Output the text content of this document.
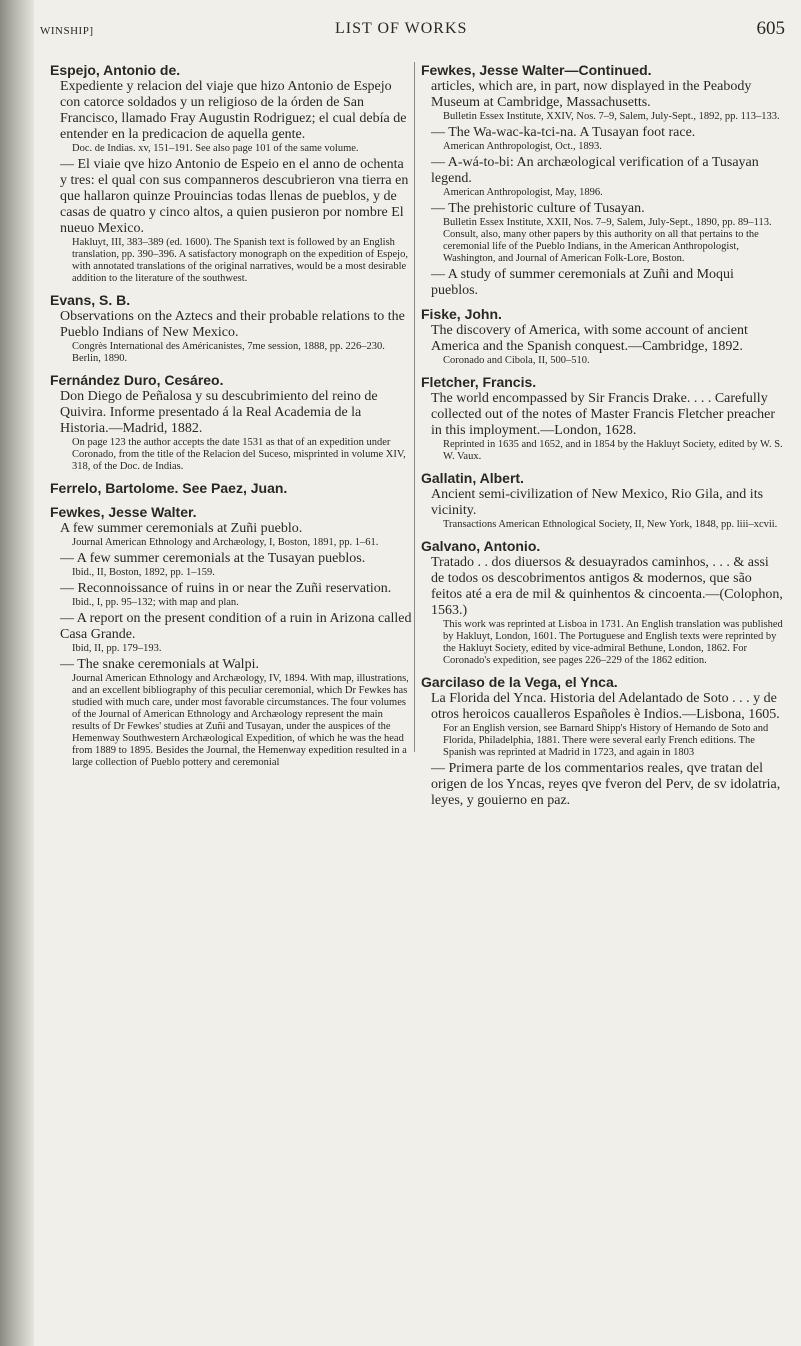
WINSHIP]	LIST OF WORKS	605
Espejo, Antonio de.
Expediente y relacion del viaje que hizo Antonio de Espejo con catorce soldados y un religioso de la órden de San Francisco, llamado Fray Augustin Rodriguez; el cual debía de entender en la predicacion de aquella gente.
Doc. de Indias. xv, 151–191. See also page 101 of the same volume.
— El viaie qve hizo Antonio de Espeio en el anno de ochenta y tres: el qual con sus companneros descubrieron vna tierra en que hallaron quinze Prouincias todas llenas de pueblos, y de casas de quatro y cinco altos, a quien pusieron por nombre El nueuo Mexico.
Hakluyt, III, 383–389 (ed. 1600). The Spanish text is followed by an English translation, pp. 390–396. A satisfactory monograph on the expedition of Espejo, with annotated translations of the original narratives, would be a most desirable addition to the literature of the southwest.
Evans, S. B.
Observations on the Aztecs and their probable relations to the Pueblo Indians of New Mexico.
Congrès International des Américanistes, 7me session, 1888, pp. 226–230. Berlin, 1890.
Fernández Duro, Cesáreo.
Don Diego de Peñalosa y su descubrimiento del reino de Quivira. Informe presentado á la Real Academia de la Historia.—Madrid, 1882.
On page 123 the author accepts the date 1531 as that of an expedition under Coronado, from the title of the Relacion del Suceso, misprinted in volume XIV, 318, of the Doc. de Indias.
Ferrelo, Bartolome. See Paez, Juan.
Fewkes, Jesse Walter.
A few summer ceremonials at Zuñi pueblo.
Journal American Ethnology and Archæology, I, Boston, 1891, pp. 1–61.
— A few summer ceremonials at the Tusayan pueblos.
Ibid., II, Boston, 1892, pp. 1–159.
— Reconnoissance of ruins in or near the Zuñi reservation.
Ibid., I, pp. 95–132; with map and plan.
— A report on the present condition of a ruin in Arizona called Casa Grande.
Ibid, II, pp. 179–193.
— The snake ceremonials at Walpi.
Journal American Ethnology and Archæology, IV, 1894. With map, illustrations, and an excellent bibliography of this peculiar ceremonial, which Dr Fewkes has studied with much care, under most favorable circumstances. The four volumes of the Journal of American Ethnology and Archæology represent the main results of Dr Fewkes' studies at Zuñi and Tusayan, under the auspices of the Hemenway Southwestern Archæological Expedition, of which he was the head from 1889 to 1895. Besides the Journal, the Hemenway expedition resulted in a large collection of Pueblo pottery and ceremonial
Fewkes, Jesse Walter—Continued.
articles, which are, in part, now displayed in the Peabody Museum at Cambridge, Massachusetts.
Bulletin Essex Institute, XXIV, Nos. 7–9, Salem, July-Sept., 1892, pp. 113–133.
— The Wa-wac-ka-tci-na. A Tusayan foot race.
American Anthropologist, Oct., 1893.
— A-wá-to-bi: An archæological verification of a Tusayan legend.
American Anthropologist, May, 1896.
— The prehistoric culture of Tusayan.
Bulletin Essex Institute, XXII, Nos. 7–9, Salem, July-Sept., 1890, pp. 89–113. Consult, also, many other papers by this authority on all that pertains to the ceremonial life of the Pueblo Indians, in the American Anthropologist, Washington, and Journal of American Folk-Lore, Boston.
— A study of summer ceremonials at Zuñi and Moqui pueblos.
Fiske, John.
The discovery of America, with some account of ancient America and the Spanish conquest.—Cambridge, 1892.
Coronado and Cibola, II, 500–510.
Fletcher, Francis.
The world encompassed by Sir Francis Drake. . . . Carefully collected out of the notes of Master Francis Fletcher preacher in this imployment.—London, 1628.
Reprinted in 1635 and 1652, and in 1854 by the Hakluyt Society, edited by W. S. W. Vaux.
Gallatin, Albert.
Ancient semi-civilization of New Mexico, Rio Gila, and its vicinity.
Transactions American Ethnological Society, II, New York, 1848, pp. liii–xcvii.
Galvano, Antonio.
Tratado . . dos diuersos & desuayrados caminhos, . . . & assi de todos os descobrimentos antigos & modernos, que são feitos até a era de mil & quinhentos & cincoenta.—(Colophon, 1563.)
This work was reprinted at Lisboa in 1731. An English translation was published by Hakluyt, London, 1601. The Portuguese and English texts were reprinted by the Hakluyt Society, edited by vice-admiral Bethune, London, 1862. For Coronado's expedition, see pages 226–229 of the 1862 edition.
Garcilaso de la Vega, el Ynca.
La Florida del Ynca. Historia del Adelantado de Soto . . . y de otros heroicos caualleros Españoles è Indios.—Lisbona, 1605.
For an English version, see Barnard Shipp's History of Hernando de Soto and Florida, Philadelphia, 1881. There were several early French editions. The Spanish was reprinted at Madrid in 1723, and again in 1803
— Primera parte de los commentarios reales, qve tratan del origen de los Yncas, reyes qve fveron del Perv, de sv idolatria, leyes, y gouierno en paz.
